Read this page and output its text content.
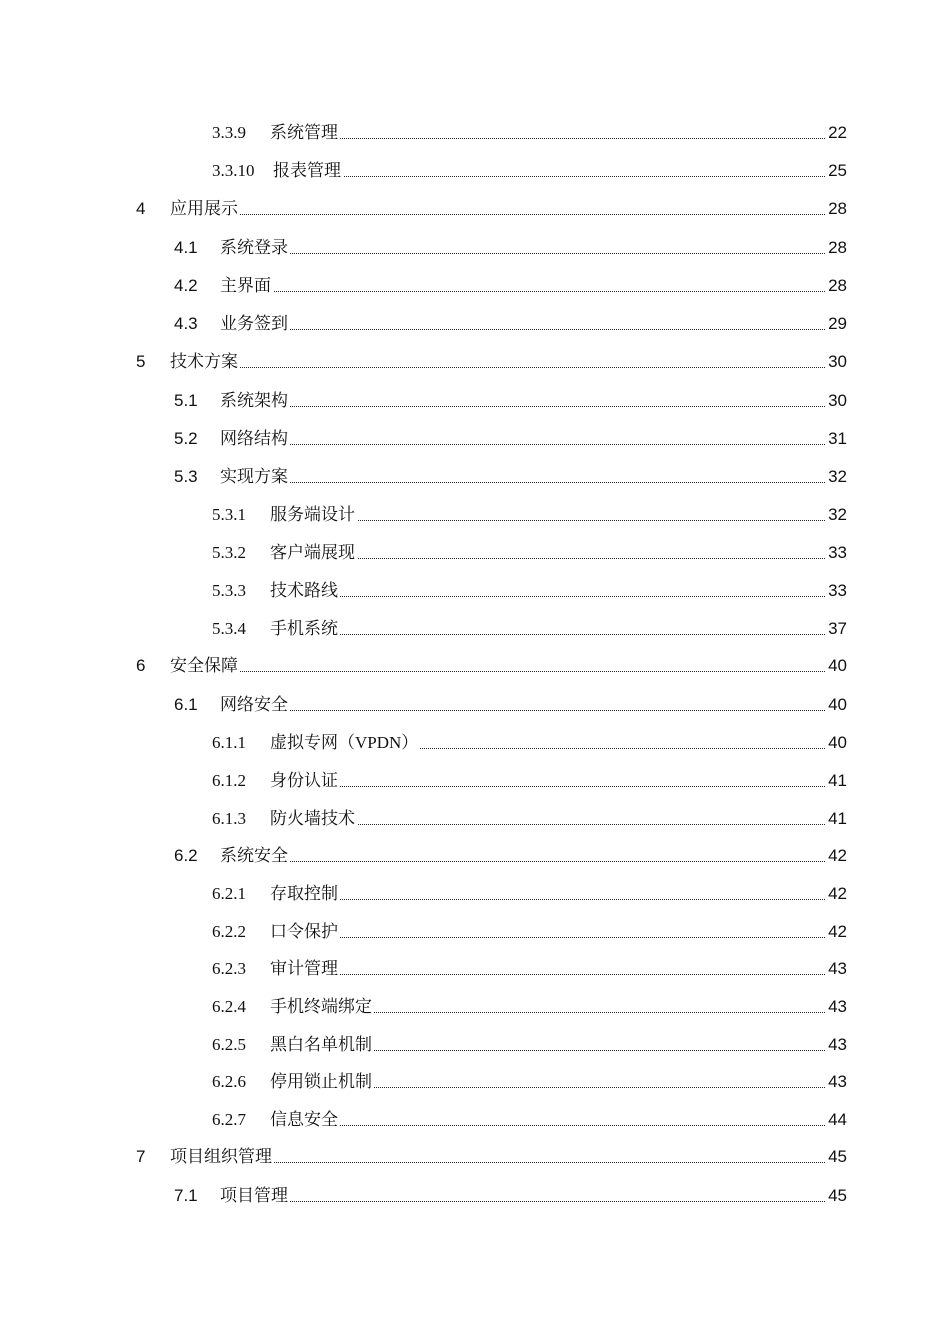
3.3.9 系统管理	22
3.3.10 报表管理	25
4 应用展示	28
4.1 系统登录	28
4.2 主界面	28
4.3 业务签到	29
5 技术方案	30
5.1 系统架构	30
5.2 网络结构	31
5.3 实现方案	32
5.3.1 服务端设计	32
5.3.2 客户端展现	33
5.3.3 技术路线	33
5.3.4 手机系统	37
6 安全保障	40
6.1 网络安全	40
6.1.1 虚拟专网（VPDN）	40
6.1.2 身份认证	41
6.1.3 防火墙技术	41
6.2 系统安全	42
6.2.1 存取控制	42
6.2.2 口令保护	42
6.2.3 审计管理	43
6.2.4 手机终端绑定	43
6.2.5 黑白名单机制	43
6.2.6 停用锁止机制	43
6.2.7 信息安全	44
7 项目组织管理	45
7.1 项目管理	45
